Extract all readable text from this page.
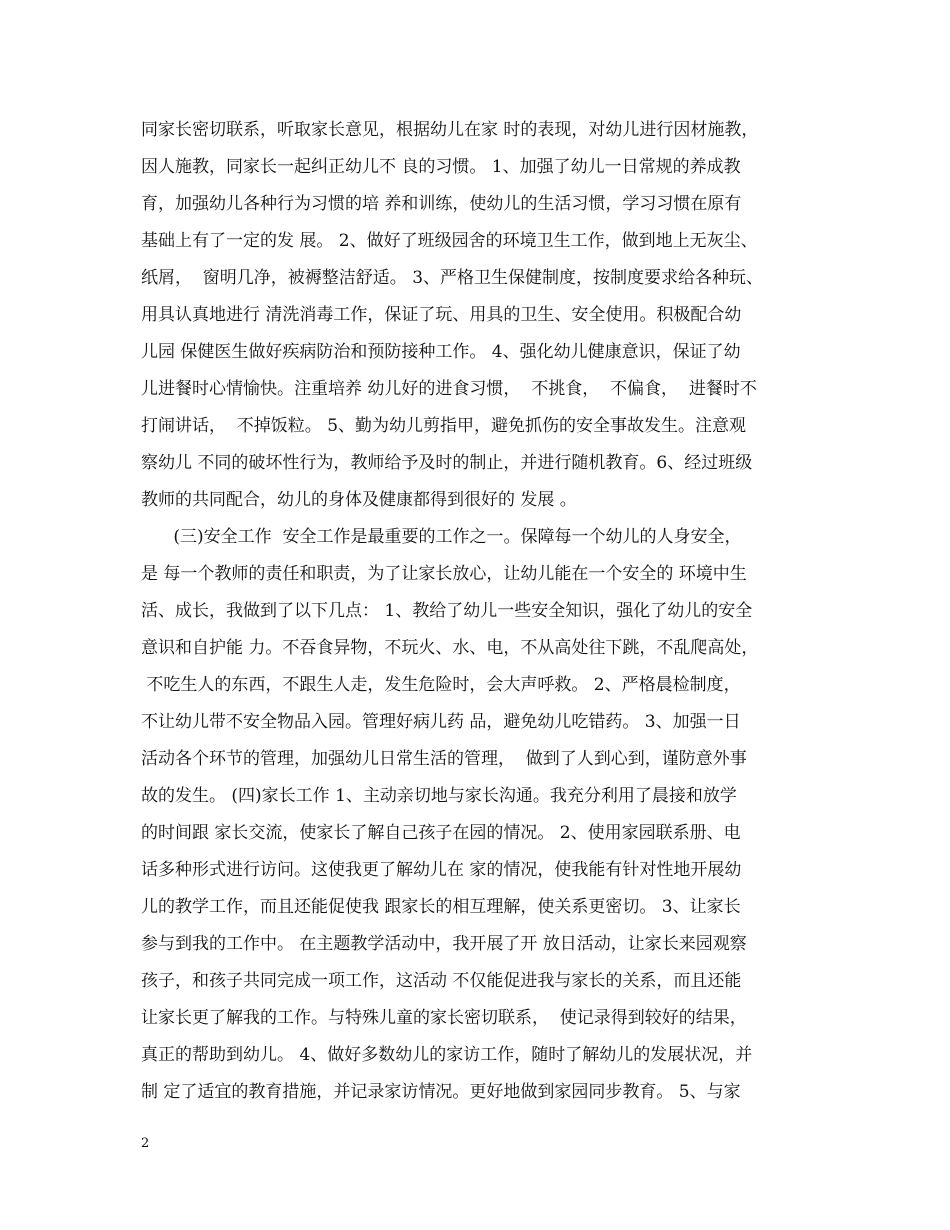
同家长密切联系，听取家长意见，根据幼儿在家 时的表现，对幼儿进行因材施教，
因人施教，同家长一起纠正幼儿不 良的习惯。 1、加强了幼儿一日常规的养成教
育，加强幼儿各种行为习惯的培 养和训练，使幼儿的生活习惯，学习习惯在原有
基础上有了一定的发 展。 2、做好了班级园舍的环境卫生工作，做到地上无灰尘、
纸屑，  窗明几净，被褥整洁舒适。 3、严格卫生保健制度，按制度要求给各种玩、
用具认真地进行 清洗消毒工作，保证了玩、用具的卫生、安全使用。积极配合幼
儿园 保健医生做好疾病防治和预防接种工作。 4、强化幼儿健康意识，保证了幼
儿进餐时心情愉快。注重培养 幼儿好的进食习惯，  不挑食，  不偏食，  进餐时不
打闹讲话，  不掉饭粒。 5、勤为幼儿剪指甲，避免抓伤的安全事故发生。注意观
察幼儿 不同的破坏性行为，教师给予及时的制止，并进行随机教育。6、经过班级
教师的共同配合，幼儿的身体及健康都得到很好的 发展 。
(三)安全工作  安全工作是最重要的工作之一。保障每一个幼儿的人身安全，
是 每一个教师的责任和职责，为了让家长放心，让幼儿能在一个安全的 环境中生
活、成长，我做到了以下几点： 1、教给了幼儿一些安全知识，强化了幼儿的安全
意识和自护能 力。不吞食异物，不玩火、水、电，不从高处往下跳，不乱爬高处，
不吃生人的东西，不跟生人走，发生危险时，会大声呼救。 2、严格晨检制度，
不让幼儿带不安全物品入园。管理好病儿药 品，避免幼儿吃错药。 3、加强一日
活动各个环节的管理，加强幼儿日常生活的管理，  做到了人到心到，谨防意外事
故的发生。 (四)家长工作 1、主动亲切地与家长沟通。我充分利用了晨接和放学
的时间跟 家长交流，使家长了解自己孩子在园的情况。 2、使用家园联系册、电
话多种形式进行访问。这使我更了解幼儿在 家的情况，使我能有针对性地开展幼
儿的教学工作，而且还能促使我 跟家长的相互理解，使关系更密切。 3、让家长
参与到我的工作中。 在主题教学活动中，我开展了开 放日活动，让家长来园观察
孩子，和孩子共同完成一项工作，这活动 不仅能促进我与家长的关系，而且还能
让家长更了解我的工作。与特殊儿童的家长密切联系，  使记录得到较好的结果，
真正的帮助到幼儿。 4、做好多数幼儿的家访工作，随时了解幼儿的发展状况，并
制 定了适宜的教育措施，并记录家访情况。更好地做到家园同步教育。 5、与家
2
